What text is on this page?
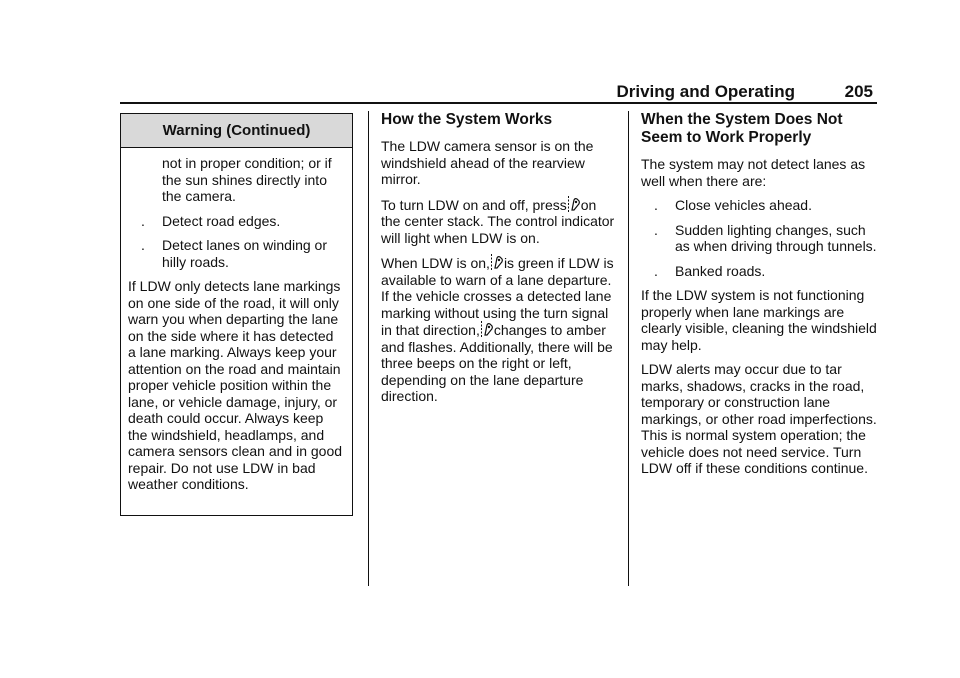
Driving and Operating	205
Warning (Continued)

not in proper condition; or if the sun shines directly into the camera.

. Detect road edges.
. Detect lanes on winding or hilly roads.

If LDW only detects lane markings on one side of the road, it will only warn you when departing the lane on the side where it has detected a lane marking. Always keep your attention on the road and maintain proper vehicle position within the lane, or vehicle damage, injury, or death could occur. Always keep the windshield, headlamps, and camera sensors clean and in good repair. Do not use LDW in bad weather conditions.

How the System Works

The LDW camera sensor is on the windshield ahead of the rearview mirror.

To turn LDW on and off, press on the center stack. The control indicator will light when LDW is on.

When LDW is on, is green if LDW is available to warn of a lane departure. If the vehicle crosses a detected lane marking without using the turn signal in that direction, changes to amber and flashes. Additionally, there will be three beeps on the right or left, depending on the lane departure direction.

When the System Does Not Seem to Work Properly

The system may not detect lanes as well when there are:

. Close vehicles ahead.
. Sudden lighting changes, such as when driving through tunnels.
. Banked roads.

If the LDW system is not functioning properly when lane markings are clearly visible, cleaning the windshield may help.

LDW alerts may occur due to tar marks, shadows, cracks in the road, temporary or construction lane markings, or other road imperfections. This is normal system operation; the vehicle does not need service. Turn LDW off if these conditions continue.
